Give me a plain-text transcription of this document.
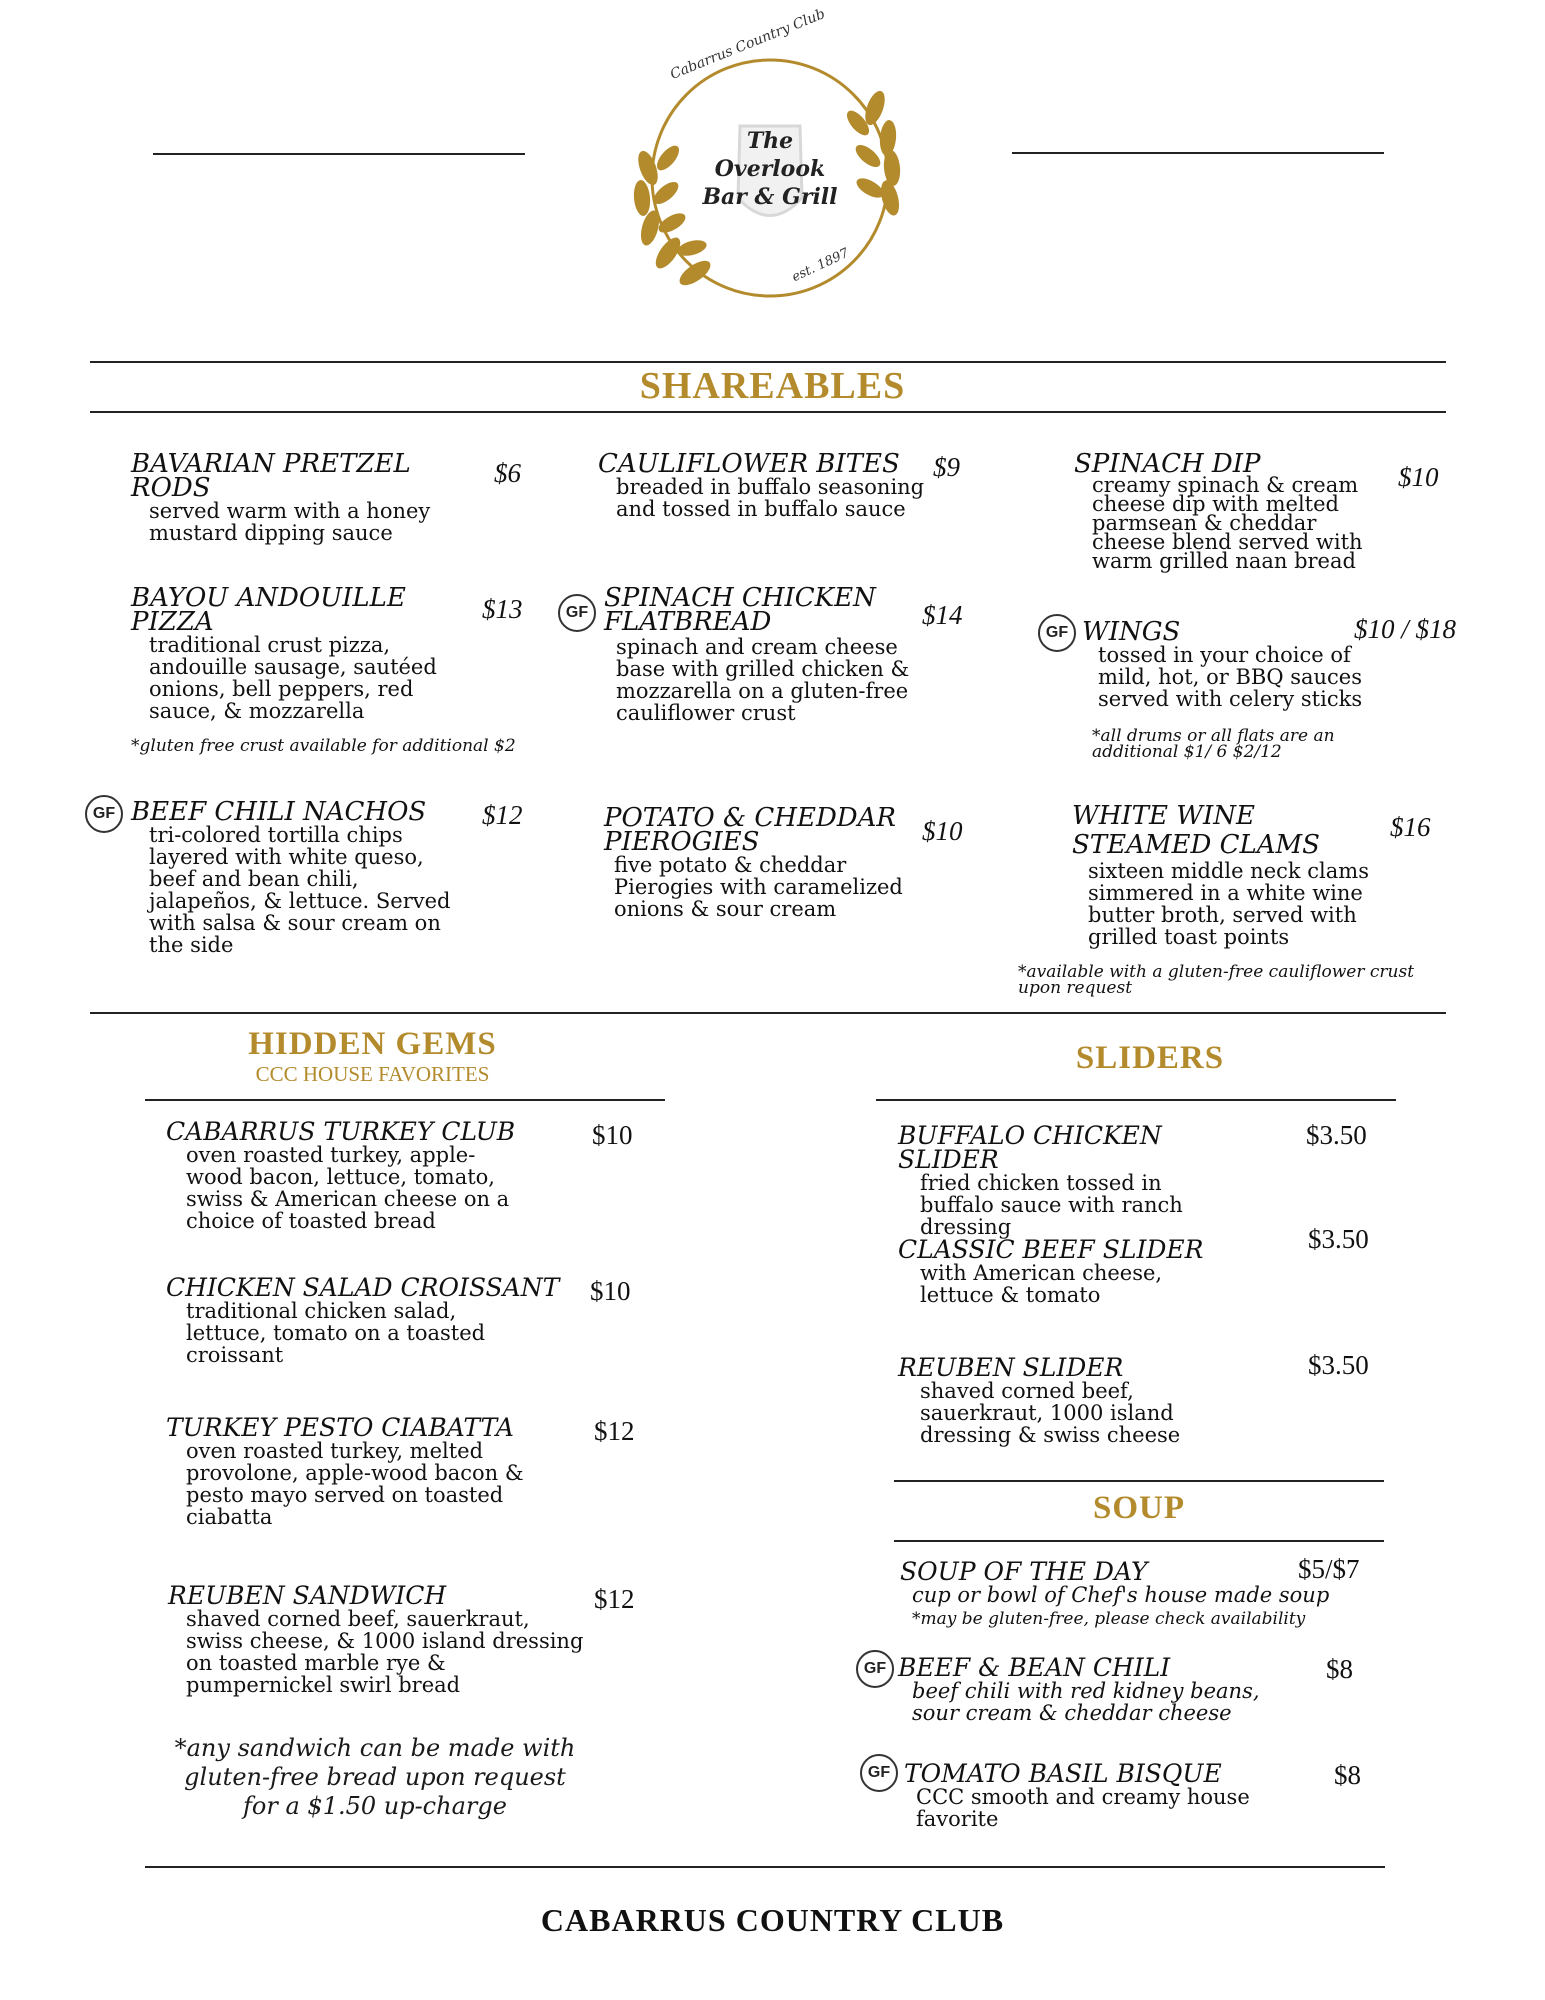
Cabarrus Country Club
The
Overlook
Bar & Grill
est. 1897
SHAREABLES
BAVARIAN PRETZEL RODS
served warm with a honey mustard dipping sauce
$6	CAULIFLOWER BITES
breaded in buffalo seasoning and tossed in buffalo sauce
$9	SPINACH DIP
creamy spinach & cream cheese dip with melted parmsean & cheddar cheese blend served with warm grilled naan bread
$10
BAYOU ANDOUILLE PIZZA
traditional crust pizza, andouille sausage, sautéed onions, bell peppers, red sauce, & mozzarella
$13
*gluten free crust available for additional $2
GF SPINACH CHICKEN FLATBREAD
spinach and cream cheese base with grilled chicken & mozzarella on a gluten-free cauliflower crust
$14
GF WINGS
tossed in your choice of mild, hot, or BBQ sauces served with celery sticks
$10 / $18
*all drums or all flats are an additional $1/ 6 $2/12
GF BEEF CHILI NACHOS
tri-colored tortilla chips layered with white queso, beef and bean chili, jalapeños, & lettuce. Served with salsa & sour cream on the side
$12	POTATO & CHEDDAR PIEROGIES
five potato & cheddar Pierogies with caramelized onions & sour cream
$10	WHITE WINE STEAMED CLAMS
sixteen middle neck clams simmered in a white wine butter broth, served with grilled toast points
$16
*available with a gluten-free cauliflower crust upon request
HIDDEN GEMS
CCC HOUSE FAVORITES
CABARRUS TURKEY CLUB
oven roasted turkey, apple-wood bacon, lettuce, tomato, swiss & American cheese on a choice of toasted bread
$10
CHICKEN SALAD CROISSANT
traditional chicken salad, lettuce, tomato on a toasted croissant
$10
TURKEY PESTO CIABATTA
oven roasted turkey, melted provolone, apple-wood bacon & pesto mayo served on toasted ciabatta
$12
REUBEN SANDWICH
shaved corned beef, sauerkraut, swiss cheese, & 1000 island dressing on toasted marble rye & pumpernickel swirl bread
$12
*any sandwich can be made with gluten-free bread upon request for a $1.50 up-charge
SLIDERS
BUFFALO CHICKEN SLIDER
fried chicken tossed in buffalo sauce with ranch dressing
$3.50
CLASSIC BEEF SLIDER
with American cheese, lettuce & tomato
$3.50
REUBEN SLIDER
shaved corned beef, sauerkraut, 1000 island dressing & swiss cheese
$3.50
SOUP
SOUP OF THE DAY
cup or bowl of Chef's house made soup
*may be gluten-free, please check availability
$5/$7
GF BEEF & BEAN CHILI
beef chili with red kidney beans, sour cream & cheddar cheese
$8
GF TOMATO BASIL BISQUE
CCC smooth and creamy house favorite
$8
CABARRUS COUNTRY CLUB
